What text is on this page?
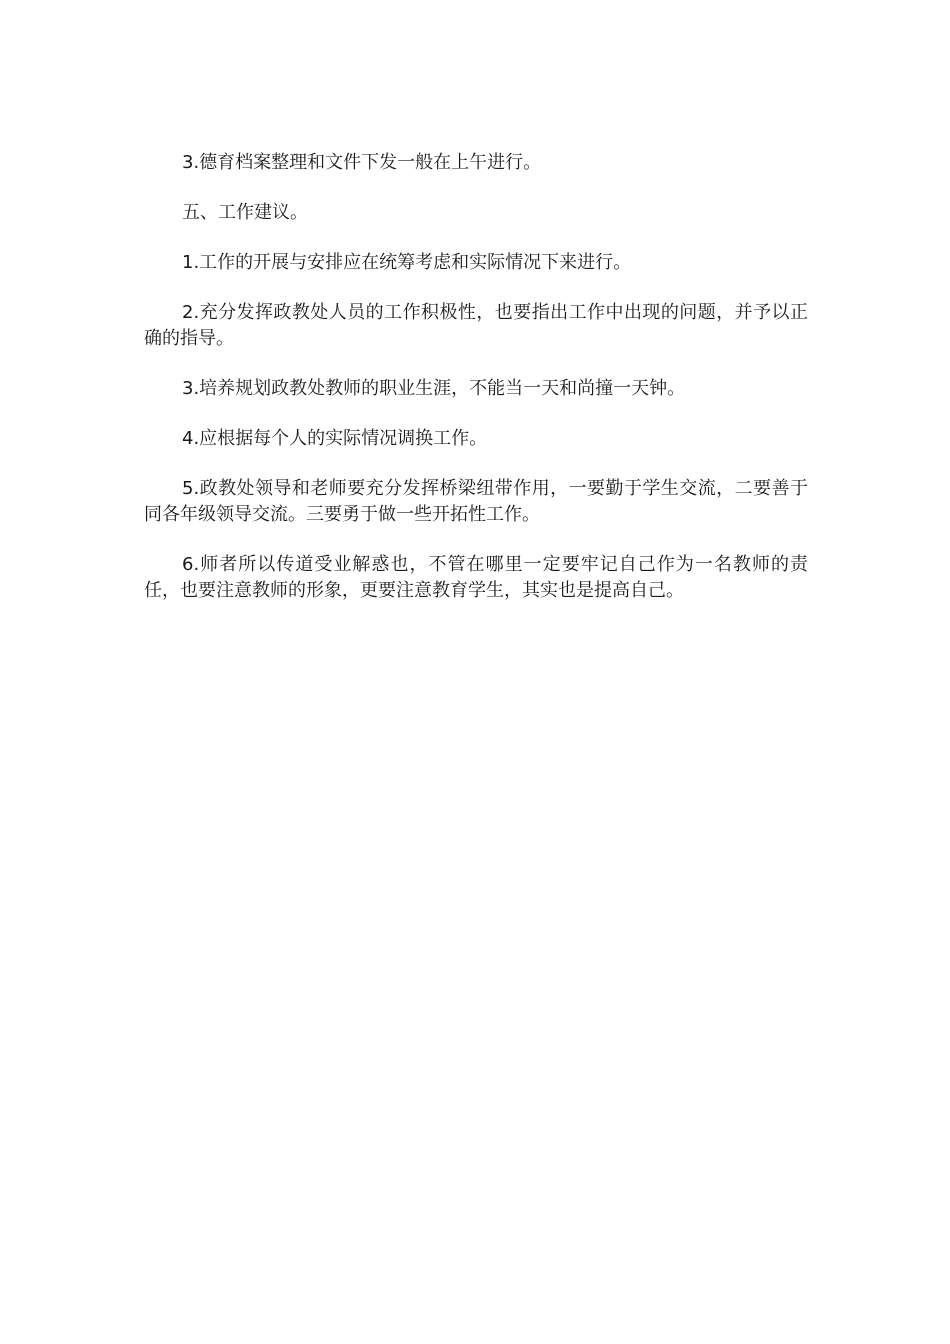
3.德育档案整理和文件下发一般在上午进行。

五、工作建议。

1.工作的开展与安排应在统筹考虑和实际情况下来进行。

2.充分发挥政教处人员的工作积极性，也要指出工作中出现的问题，并予以正确的指导。

3.培养规划政教处教师的职业生涯，不能当一天和尚撞一天钟。

4.应根据每个人的实际情况调换工作。

5.政教处领导和老师要充分发挥桥梁纽带作用，一要勤于学生交流，二要善于同各年级领导交流。三要勇于做一些开拓性工作。

6.师者所以传道受业解惑也，不管在哪里一定要牢记自己作为一名教师的责任，也要注意教师的形象，更要注意教育学生，其实也是提高自己。
